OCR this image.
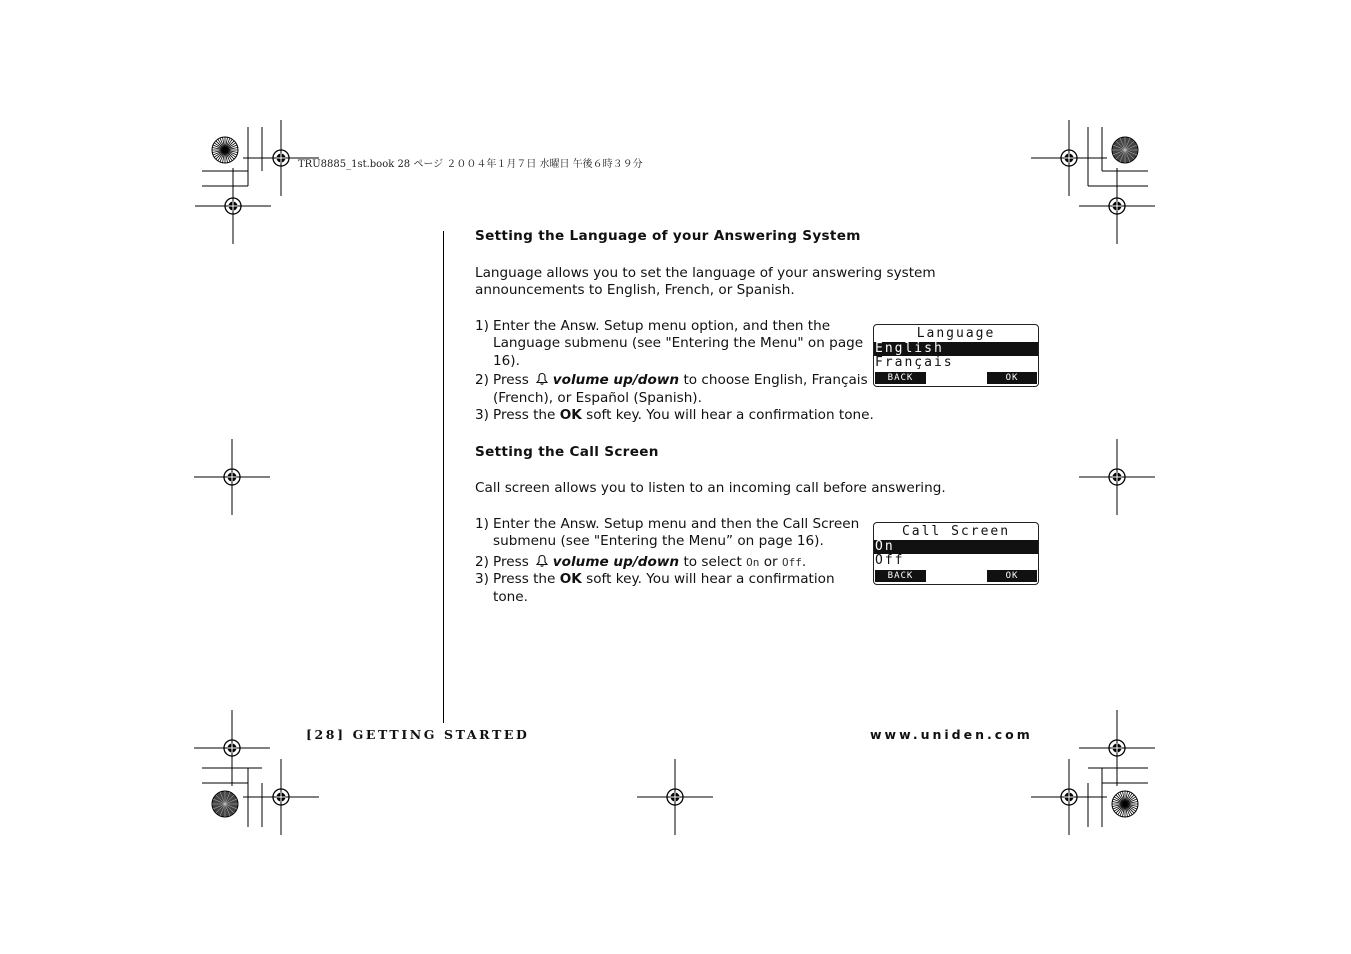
TRU8885_1st.book 28 ページ ２００４年１月７日 水曜日 午後６時３９分
Setting the Language of your Answering System

Language allows you to set the language of your answering system announcements to English, French, or Spanish.

1) Enter the Answ. Setup menu option, and then the Language submenu (see "Entering the Menu" on page 16).
2) Press volume up/down to choose English, Français (French), or Español (Spanish).
3) Press the OK soft key. You will hear a confirmation tone.
Setting the Call Screen

Call screen allows you to listen to an incoming call before answering.

1) Enter the Answ. Setup menu and then the Call Screen submenu (see "Entering the Menu” on page 16).
2) Press volume up/down to select On or Off.
3) Press the OK soft key. You will hear a confirmation tone.
Language
English
Français
BACK	OK
Call Screen
On
Off
BACK	OK
[28] GETTING STARTED	www.uniden.com
